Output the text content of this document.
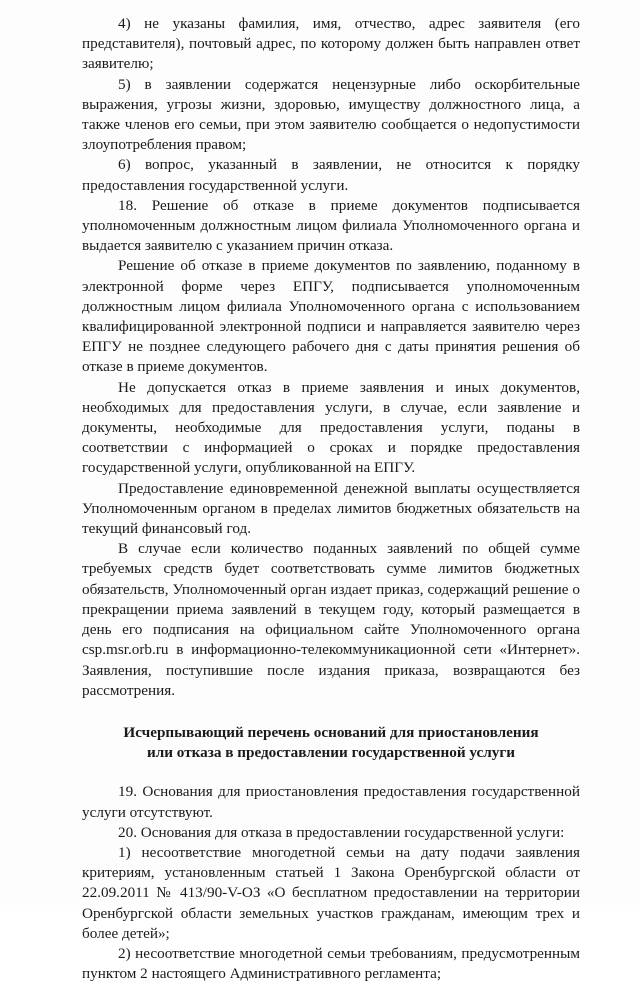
4) не указаны фамилия, имя, отчество, адрес заявителя (его представителя), почтовый адрес, по которому должен быть направлен ответ заявителю;

5) в заявлении содержатся нецензурные либо оскорбительные выражения, угрозы жизни, здоровью, имуществу должностного лица, а также членов его семьи, при этом заявителю сообщается о недопустимости злоупотребления правом;

6) вопрос, указанный в заявлении, не относится к порядку предоставления государственной услуги.

18. Решение об отказе в приеме документов подписывается уполномоченным должностным лицом филиала Уполномоченного органа и выдается заявителю с указанием причин отказа.

Решение об отказе в приеме документов по заявлению, поданному в электронной форме через ЕПГУ, подписывается уполномоченным должностным лицом филиала Уполномоченного органа с использованием квалифицированной электронной подписи и направляется заявителю через ЕПГУ не позднее следующего рабочего дня с даты принятия решения об отказе в приеме документов.

Не допускается отказ в приеме заявления и иных документов, необходимых для предоставления услуги, в случае, если заявление и документы, необходимые для предоставления услуги, поданы в соответствии с информацией о сроках и порядке предоставления государственной услуги, опубликованной на ЕПГУ.

Предоставление единовременной денежной выплаты осуществляется Уполномоченным органом в пределах лимитов бюджетных обязательств на текущий финансовый год.

В случае если количество поданных заявлений по общей сумме требуемых средств будет соответствовать сумме лимитов бюджетных обязательств, Уполномоченный орган издает приказ, содержащий решение о прекращении приема заявлений в текущем году, который размещается в день его подписания на официальном сайте Уполномоченного органа csp.msr.orb.ru в информационно-телекоммуникационной сети «Интернет». Заявления, поступившие после издания приказа, возвращаются без рассмотрения.

Исчерпывающий перечень оснований для приостановления
или отказа в предоставлении государственной услуги

19. Основания для приостановления предоставления государственной услуги отсутствуют.

20. Основания для отказа в предоставлении государственной услуги:

1) несоответствие многодетной семьи на дату подачи заявления критериям, установленным статьей 1 Закона Оренбургской области от 22.09.2011 № 413/90-V-ОЗ «О бесплатном предоставлении на территории Оренбургской области земельных участков гражданам, имеющим трех и более детей»;

2) несоответствие многодетной семьи требованиям, предусмотренным пунктом 2 настоящего Административного регламента;
